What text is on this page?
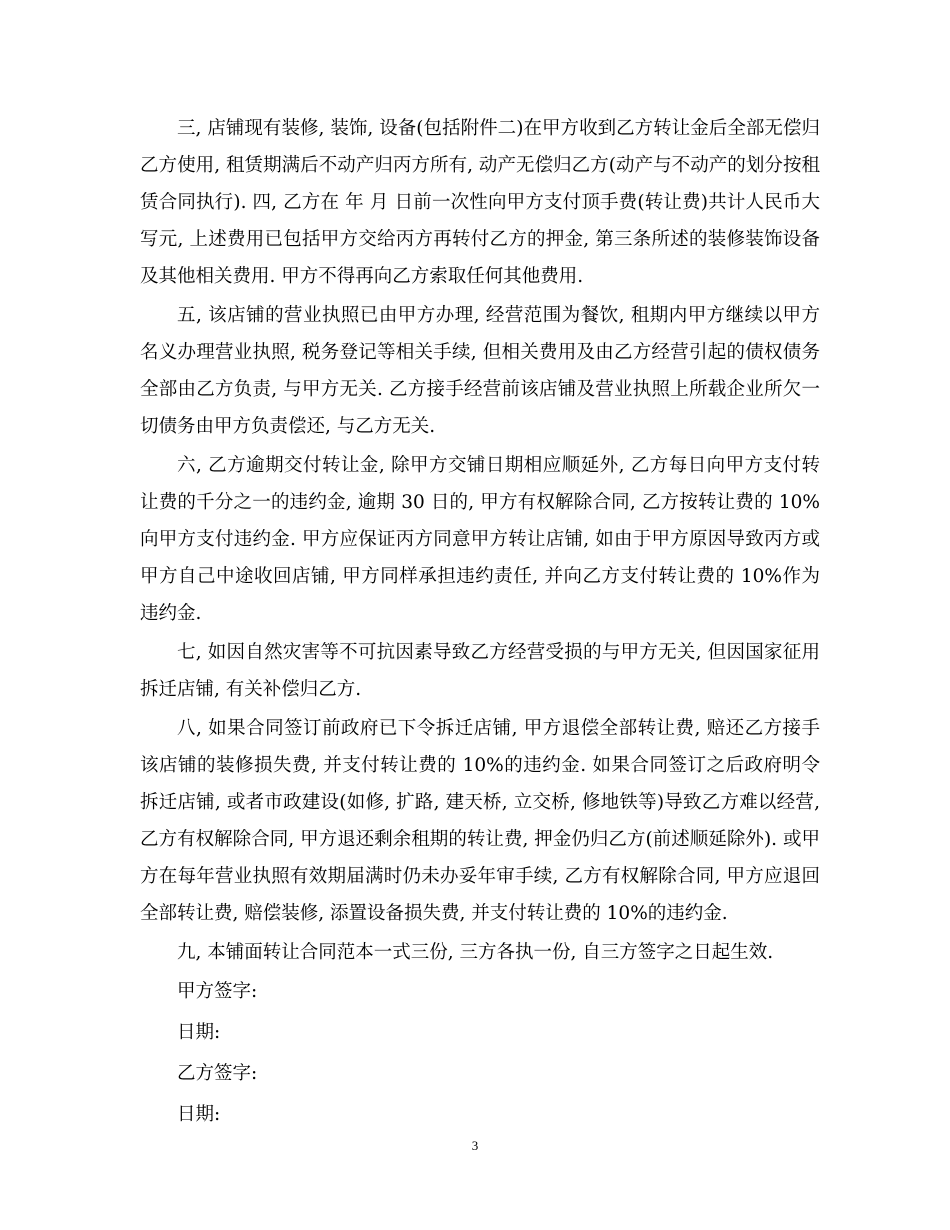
三, 店铺现有装修, 装饰, 设备(包括附件二)在甲方收到乙方转让金后全部无偿归乙方使用, 租赁期满后不动产归丙方所有, 动产无偿归乙方(动产与不动产的划分按租赁合同执行). 四, 乙方在 年 月 日前一次性向甲方支付顶手费(转让费)共计人民币大写元, 上述费用已包括甲方交给丙方再转付乙方的押金, 第三条所述的装修装饰设备及其他相关费用. 甲方不得再向乙方索取任何其他费用.

五, 该店铺的营业执照已由甲方办理, 经营范围为餐饮, 租期内甲方继续以甲方名义办理营业执照, 税务登记等相关手续, 但相关费用及由乙方经营引起的债权债务全部由乙方负责, 与甲方无关. 乙方接手经营前该店铺及营业执照上所载企业所欠一切债务由甲方负责偿还, 与乙方无关.

六, 乙方逾期交付转让金, 除甲方交铺日期相应顺延外, 乙方每日向甲方支付转让费的千分之一的违约金, 逾期 30 日的, 甲方有权解除合同, 乙方按转让费的 10%向甲方支付违约金. 甲方应保证丙方同意甲方转让店铺, 如由于甲方原因导致丙方或甲方自己中途收回店铺, 甲方同样承担违约责任, 并向乙方支付转让费的 10%作为违约金.

七, 如因自然灾害等不可抗因素导致乙方经营受损的与甲方无关, 但因国家征用拆迁店铺, 有关补偿归乙方.

八, 如果合同签订前政府已下令拆迁店铺, 甲方退偿全部转让费, 赔还乙方接手该店铺的装修损失费, 并支付转让费的 10%的违约金. 如果合同签订之后政府明令拆迁店铺, 或者市政建设(如修, 扩路, 建天桥, 立交桥, 修地铁等)导致乙方难以经营, 乙方有权解除合同, 甲方退还剩余租期的转让费, 押金仍归乙方(前述顺延除外). 或甲方在每年营业执照有效期届满时仍未办妥年审手续, 乙方有权解除合同, 甲方应退回全部转让费, 赔偿装修, 添置设备损失费, 并支付转让费的 10%的违约金.

九, 本铺面转让合同范本一式三份, 三方各执一份, 自三方签字之日起生效.

甲方签字:

日期:

乙方签字:

日期:

3
